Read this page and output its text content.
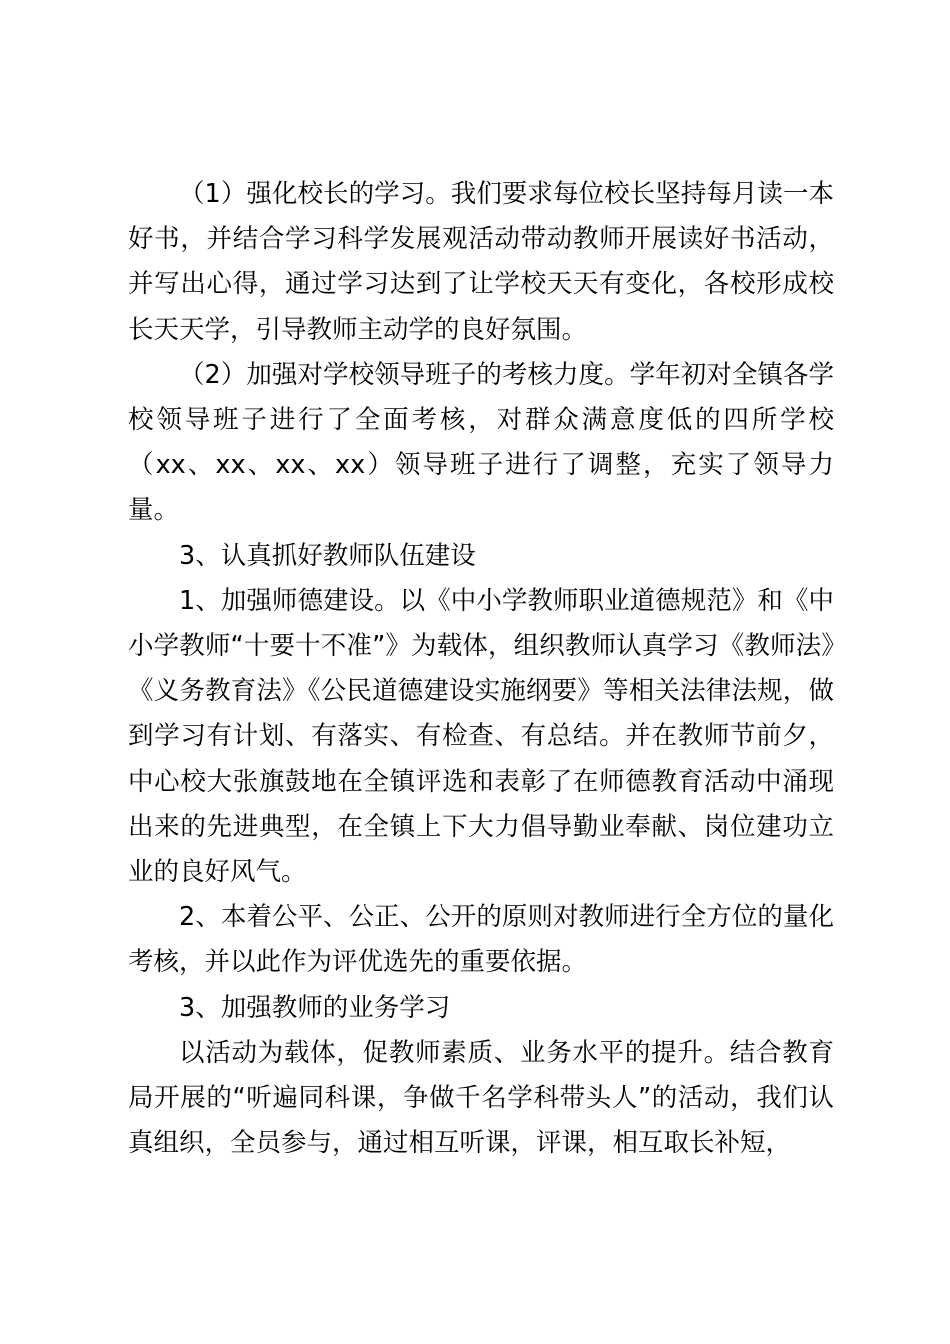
（1）强化校长的学习。我们要求每位校长坚持每月读一本好书，并结合学习科学发展观活动带动教师开展读好书活动，并写出心得，通过学习达到了让学校天天有变化，各校形成校长天天学，引导教师主动学的良好氛围。

（2）加强对学校领导班子的考核力度。学年初对全镇各学校领导班子进行了全面考核，对群众满意度低的四所学校（xx、xx、xx、xx）领导班子进行了调整，充实了领导力量。

3、认真抓好教师队伍建设

1、加强师德建设。以《中小学教师职业道德规范》和《中小学教师“十要十不准”》为载体，组织教师认真学习《教师法》《义务教育法》《公民道德建设实施纲要》等相关法律法规，做到学习有计划、有落实、有检查、有总结。并在教师节前夕，中心校大张旗鼓地在全镇评选和表彰了在师德教育活动中涌现出来的先进典型，在全镇上下大力倡导勤业奉献、岗位建功立业的良好风气。

2、本着公平、公正、公开的原则对教师进行全方位的量化考核，并以此作为评优选先的重要依据。

3、加强教师的业务学习

以活动为载体，促教师素质、业务水平的提升。结合教育局开展的“听遍同科课，争做千名学科带头人”的活动，我们认真组织，全员参与，通过相互听课，评课，相互取长补短，
